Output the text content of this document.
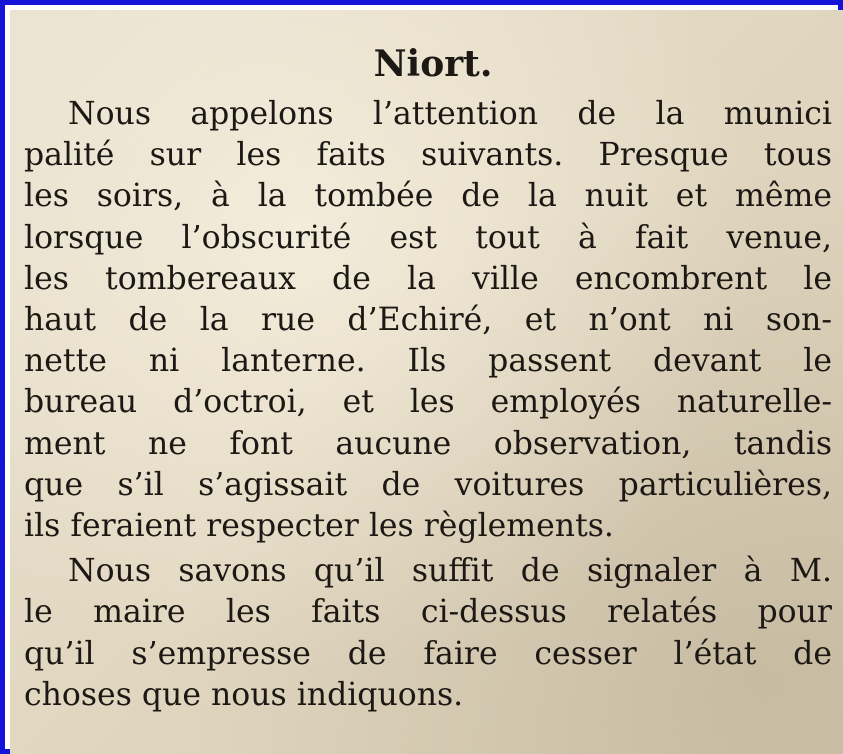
Niort.
Nous appelons l’attention de la munici
palité sur les faits suivants. Presque tous
les soirs, à la tombée de la nuit et même
lorsque l’obscurité est tout à fait venue,
les tombereaux de la ville encombrent le
haut de la rue d’Echiré, et n’ont ni son-
nette ni lanterne. Ils passent devant le
bureau d’octroi, et les employés naturelle-
ment ne font aucune observation, tandis
que s’il s’agissait de voitures particulières,
ils feraient respecter les règlements.
Nous savons qu’il suffit de signaler à M.
le maire les faits ci-dessus relatés pour
qu’il s’empresse de faire cesser l’état de
choses que nous indiquons.
